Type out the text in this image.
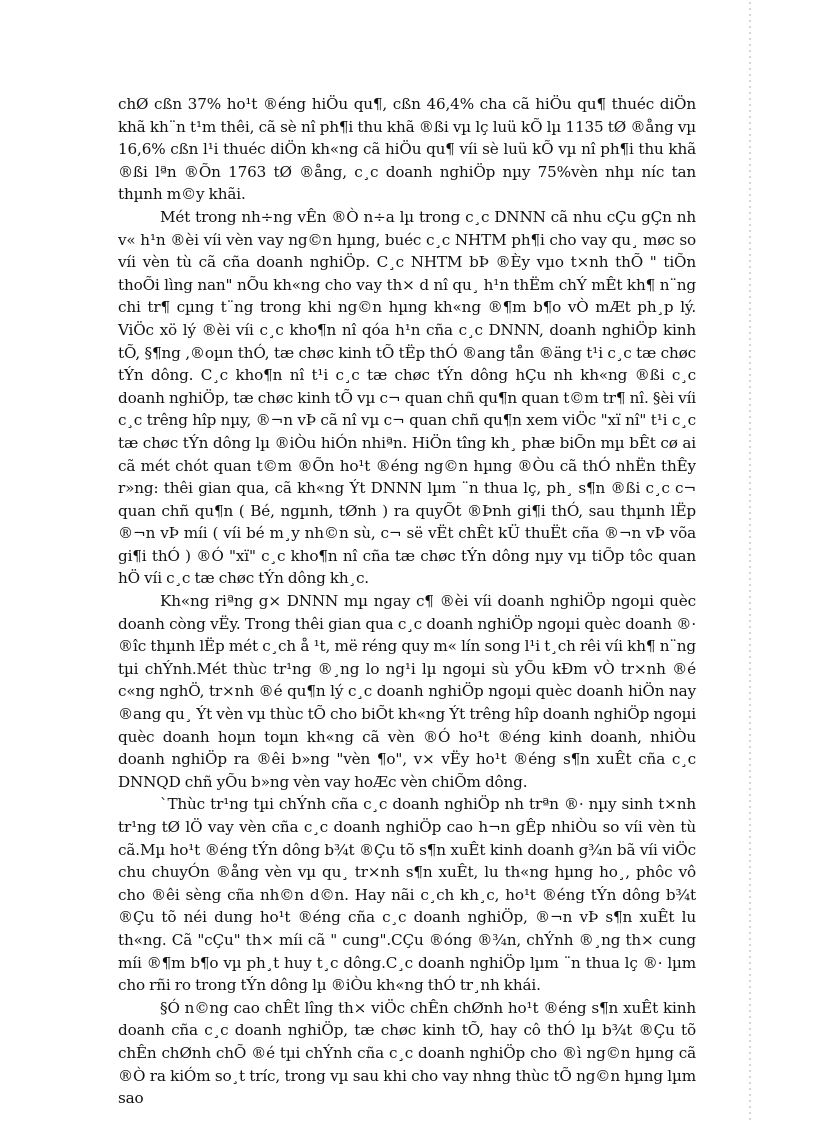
chØ cßn 37% ho¹t ®éng hiÖu qu¶, cßn 46,4% cha cã hiÖu qu¶ thuéc diÖn khã kh¨n t¹m thêi, cã sè nî ph¶i thu khã ®ßi vµ lç luü kÕ lµ 1135 tØ ®ång vµ 16,6% cßn l¹i thuéc diÖn kh«ng cã hiÖu qu¶ víi sè luü kÕ vµ nî ph¶i thu khã ®ßi lªn ®Õn 1763 tØ ®ång, c¸c doanh nghiÖp nµy 75%vèn nhµ níc tan thµnh m©y khãi.

Mét trong nh÷ng vÊn ®Ò n÷a lµ trong c¸c DNNN cã nhu cÇu gÇn nh v« h¹n ®èi víi vèn vay ng©n hµng, buéc c¸c NHTM ph¶i cho vay qu¸ møc so víi vèn tù cã cña doanh nghiÖp. C¸c NHTM bÞ ®Èy vµo t×nh thÕ " tiÕn thoÕi lìng nan" nÕu kh«ng cho vay th× d nî qu¸ h¹n thËm chÝ mÊt kh¶ n¨ng chi tr¶ cµng t¨ng trong khi ng©n hµng kh«ng ®¶m b¶o vÒ mÆt ph¸p lý. ViÖc xö lý ®èi víi c¸c kho¶n nî qóa h¹n cña c¸c DNNN, doanh nghiÖp kinh tÕ, §¶ng ,®oµn thÓ, tæ chøc kinh tÕ tËp thÓ ®ang tån ®äng t¹i c¸c tæ chøc tÝn dông. C¸c kho¶n nî t¹i c¸c tæ chøc tÝn dông hÇu nh kh«ng ®ßi c¸c doanh nghiÖp, tæ chøc kinh tÕ vµ c¬ quan chñ qu¶n quan t©m tr¶ nî. §èi víi c¸c trêng hîp nµy, ®¬n vÞ cã nî vµ c¬ quan chñ qu¶n xem viÖc "xï nî" t¹i c¸c tæ chøc tÝn dông lµ ®iÒu hiÓn nhiªn. HiÖn tîng kh¸ phæ biÕn mµ bÊt cø ai cã mét chót quan t©m ®Õn ho¹t ®éng ng©n hµng ®Òu cã thÓ nhËn thÊy r»ng: thêi gian qua, cã kh«ng Ýt DNNN lµm ¨n thua lç, ph¸ s¶n ®ßi c¸c c¬ quan chñ qu¶n ( Bé, ngµnh, tØnh ) ra quyÕt ®Þnh gi¶i thÓ, sau thµnh lËp ®¬n vÞ míi ( víi bé m¸y nh©n sù, c¬ së vËt chÊt kÜ thuËt cña ®¬n vÞ võa gi¶i thÓ ) ®Ó "xï" c¸c kho¶n nî cña tæ chøc tÝn dông nµy vµ tiÕp tôc quan hÖ víi c¸c tæ chøc tÝn dông kh¸c.

Kh«ng riªng g× DNNN mµ ngay c¶ ®èi víi doanh nghiÖp ngoµi quèc doanh còng vËy. Trong thêi gian qua c¸c doanh nghiÖp ngoµi quèc doanh ®· ®îc thµnh lËp mét c¸ch å ¹t, më réng quy m« lín song l¹i t¸ch rêi víi kh¶ n¨ng tµi chÝnh.Mét thùc tr¹ng ®¸ng lo ng¹i lµ ngoµi sù yÕu kÐm vÒ tr×nh ®é c«ng nghÖ, tr×nh ®é qu¶n lý c¸c doanh nghiÖp ngoµi quèc doanh hiÖn nay ®ang qu¸ Ýt vèn vµ thùc tÕ cho biÕt kh«ng Ýt trêng hîp doanh nghiÖp ngoµi quèc doanh hoµn toµn kh«ng cã vèn ®Ó ho¹t ®éng kinh doanh, nhiÒu doanh nghiÖp ra ®êi b»ng "vèn ¶o", v× vËy ho¹t ®éng s¶n xuÊt cña c¸c DNNQD chñ yÕu b»ng vèn vay hoÆc vèn chiÕm dông.

`Thùc tr¹ng tµi chÝnh cña c¸c doanh nghiÖp nh trªn ®· nµy sinh t×nh tr¹ng tØ lÖ vay vèn cña c¸c doanh nghiÖp cao h¬n gÊp nhiÒu so víi vèn tù cã.Mµ ho¹t ®éng tÝn dông b¾t ®Çu tõ s¶n xuÊt kinh doanh g¾n bã víi viÖc chu chuyÓn ®ång vèn vµ qu¸ tr×nh s¶n xuÊt, lu th«ng hµng ho¸, phôc vô cho ®êi sèng cña nh©n d©n. Hay nãi c¸ch kh¸c, ho¹t ®éng tÝn dông b¾t ®Çu tõ néi dung ho¹t ®éng cña c¸c doanh nghiÖp, ®¬n vÞ s¶n xuÊt lu th«ng. Cã "cÇu" th× míi cã " cung".CÇu ®óng ®¾n, chÝnh ®¸ng th× cung míi ®¶m b¶o vµ ph¸t huy t¸c dông.C¸c doanh nghiÖp lµm ¨n thua lç ®· lµm cho rñi ro trong tÝn dông lµ ®iÒu kh«ng thÓ tr¸nh khái.

§Ó n©ng cao chÊt lîng th× viÖc chÊn chØnh ho¹t ®éng s¶n xuÊt kinh doanh cña c¸c doanh nghiÖp, tæ chøc kinh tÕ, hay cô thÓ lµ b¾t ®Çu tõ chÊn chØnh chÕ ®é tµi chÝnh cña c¸c doanh nghiÖp cho ®ì ng©n hµng cã ®Ò ra kiÓm so¸t tríc, trong vµ sau khi cho vay nhng thùc tÕ ng©n hµng lµm sao
